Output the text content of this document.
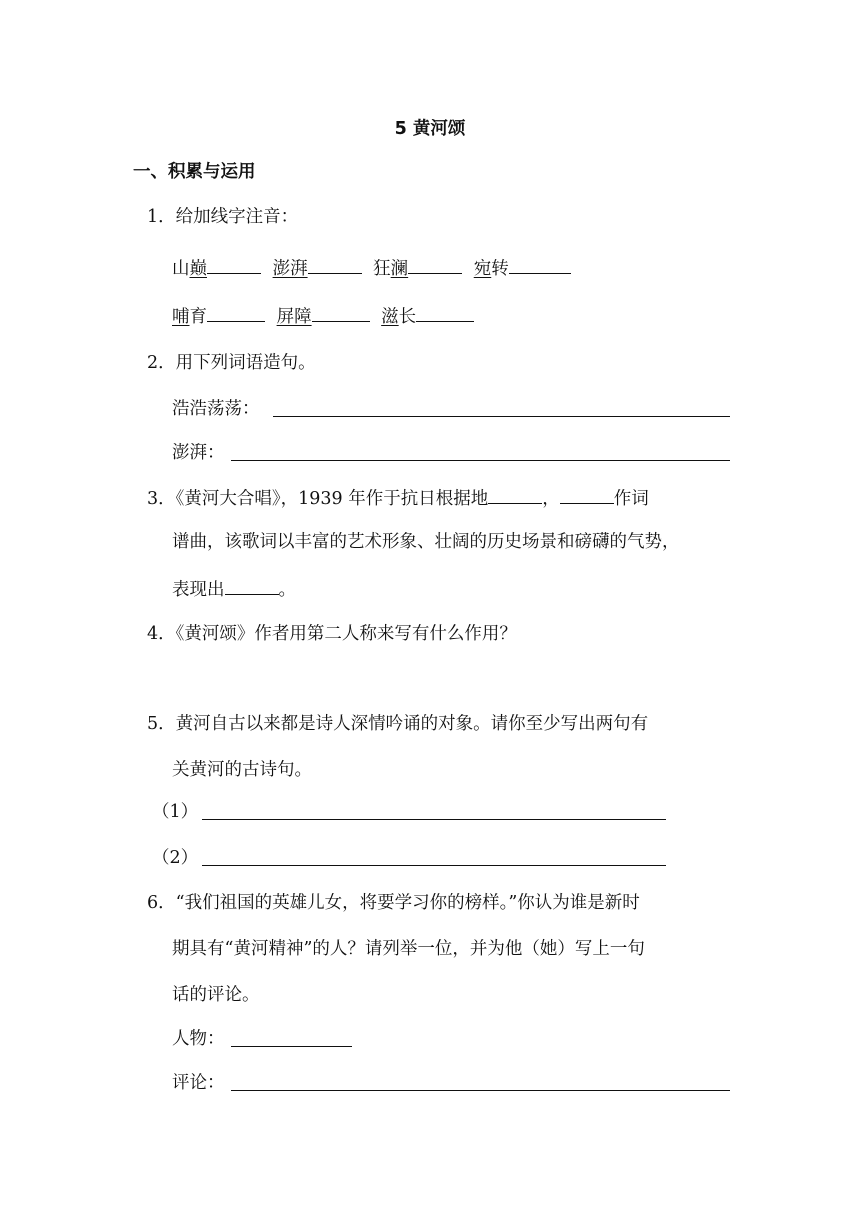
5 黄河颂
一、积累与运用
1．给加线字注音：
山巅	澎湃	狂澜	宛转
哺育	屏障	滋长
2．用下列词语造句。
浩浩荡荡：
澎湃：
3．《黄河大合唱》，1939 年作于抗日根据地	，	作词
谱曲，该歌词以丰富的艺术形象、壮阔的历史场景和磅礴的气势，
表现出	。
4．《黄河颂》作者用第二人称来写有什么作用？
5．黄河自古以来都是诗人深情吟诵的对象。请你至少写出两句有
关黄河的古诗句。
（1）
（2）
6．“我们祖国的英雄儿女，将要学习你的榜样。”你认为谁是新时
期具有“黄河精神”的人？请列举一位，并为他（她）写上一句
话的评论。
人物：
评论：
